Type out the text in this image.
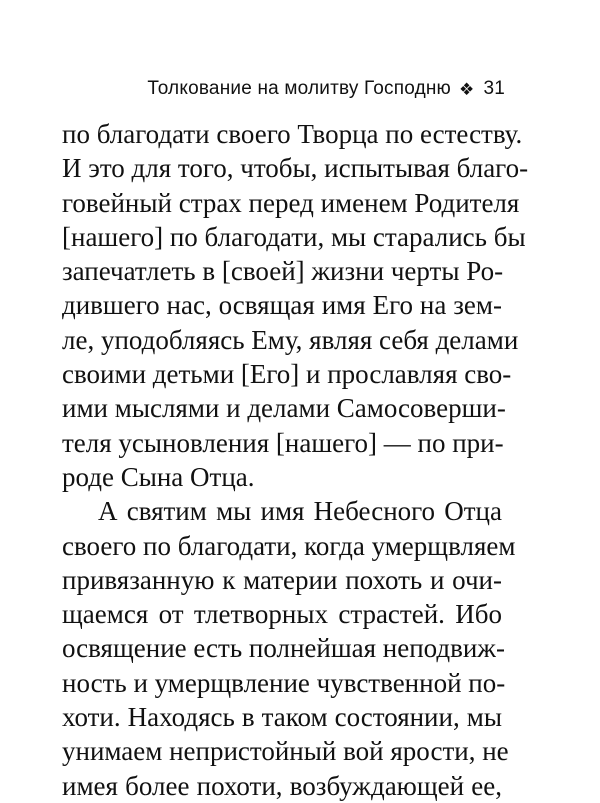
Толкование на молитву Господню ❖ 31

по благодати своего Творца по естеству.
И это для того, чтобы, испытывая благо-
говейный страх перед именем Родителя
[нашего] по благодати, мы старались бы
запечатлеть в [своей] жизни черты Ро-
дившего нас, освящая имя Его на зем-
ле, уподобляясь Ему, являя себя делами
своими детьми [Его] и прославляя сво-
ими мыслями и делами Самосоверши-
теля усыновления [нашего] — по при-
роде Сына Отца.

А святим мы имя Небесного Отца
своего по благодати, когда умерщвляем
привязанную к материи похоть и очи-
щаемся от тлетворных страстей. Ибо
освящение есть полнейшая неподвиж-
ность и умерщвление чувственной по-
хоти. Находясь в таком состоянии, мы
унимаем непристойный вой ярости, не
имея более похоти, возбуждающей ее,
